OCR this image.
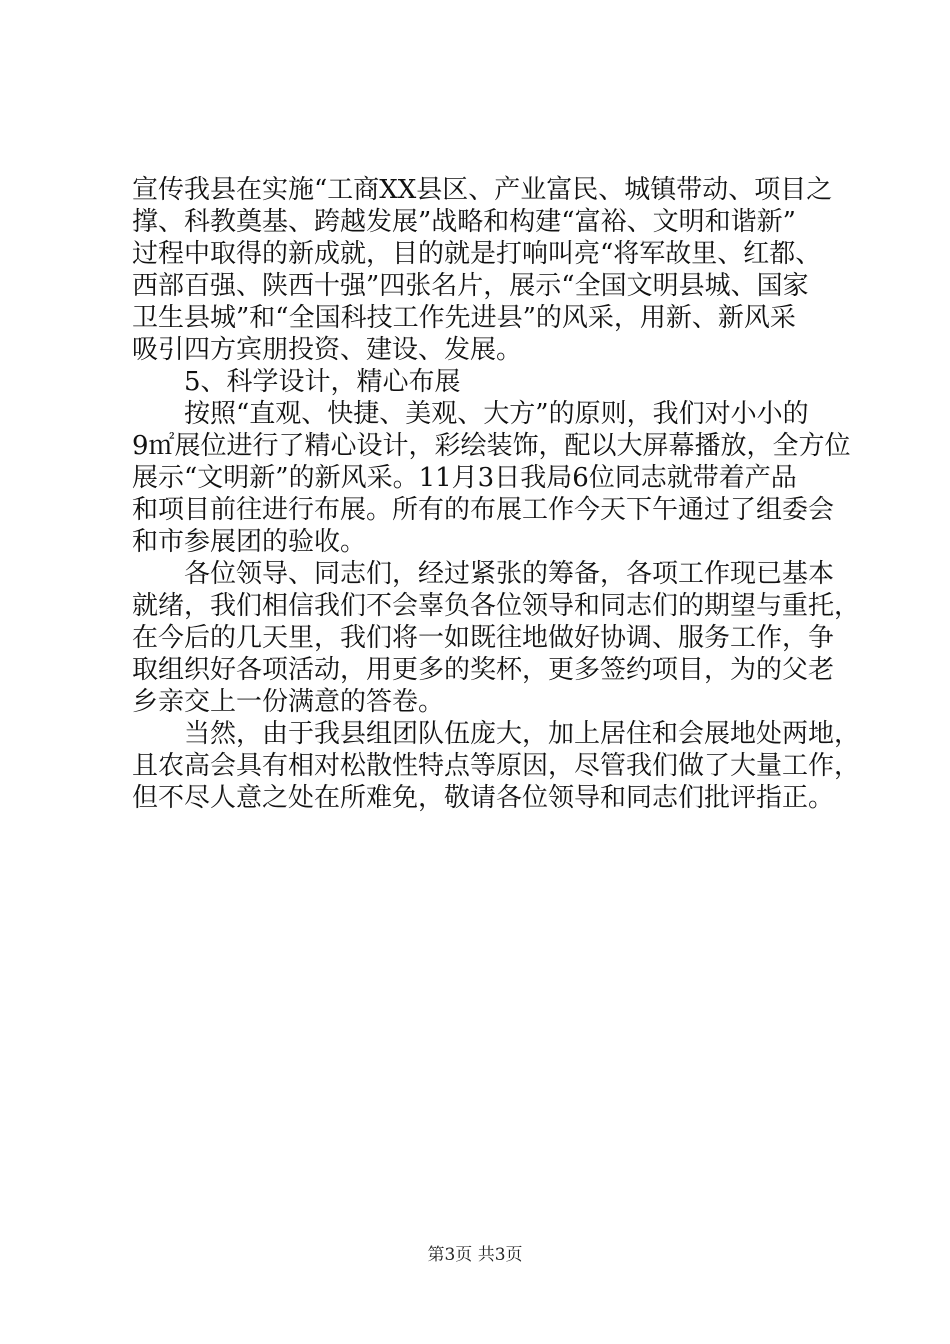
宣传我县在实施“工商XX县区、产业富民、城镇带动、项目之
撑、科教奠基、跨越发展”战略和构建“富裕、文明和谐新”
过程中取得的新成就，目的就是打响叫亮“将军故里、红都、
西部百强、陕西十强”四张名片，展示“全国文明县城、国家
卫生县城”和“全国科技工作先进县”的风采，用新、新风采
吸引四方宾朋投资、建设、发展。
5、科学设计，精心布展
按照“直观、快捷、美观、大方”的原则，我们对小小的
9㎡展位进行了精心设计，彩绘装饰，配以大屏幕播放，全方位
展示“文明新”的新风采。11月3日我局6位同志就带着产品
和项目前往进行布展。所有的布展工作今天下午通过了组委会
和市参展团的验收。
各位领导、同志们，经过紧张的筹备，各项工作现已基本
就绪，我们相信我们不会辜负各位领导和同志们的期望与重托，
在今后的几天里，我们将一如既往地做好协调、服务工作，争
取组织好各项活动，用更多的奖杯，更多签约项目，为的父老
乡亲交上一份满意的答卷。
当然，由于我县组团队伍庞大，加上居住和会展地处两地，
且农高会具有相对松散性特点等原因，尽管我们做了大量工作，
但不尽人意之处在所难免，敬请各位领导和同志们批评指正。
第3页 共3页
